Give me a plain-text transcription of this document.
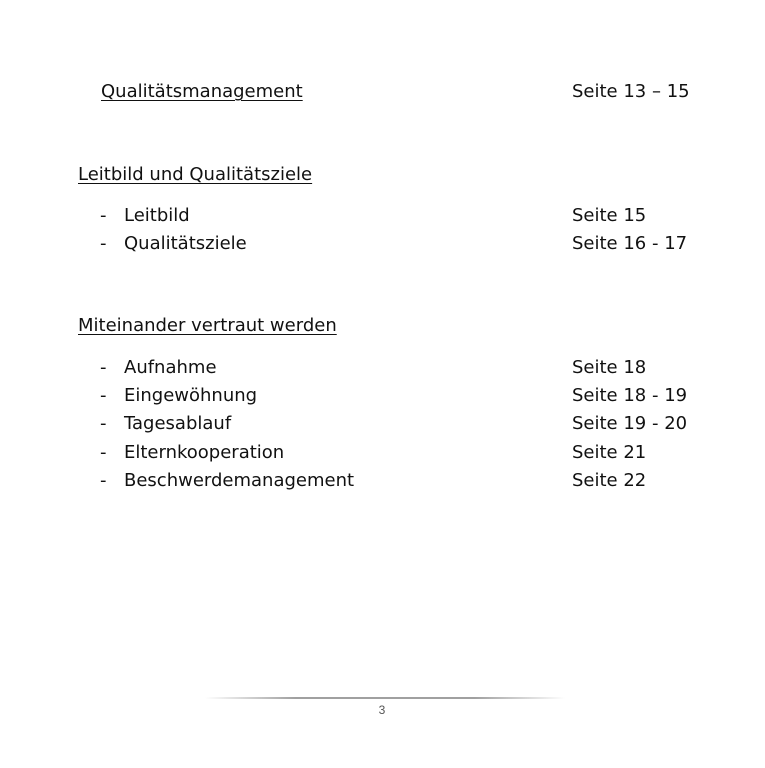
Qualitätsmanagement	Seite 13 – 15
Leitbild und Qualitätsziele
- Leitbild	Seite 15
- Qualitätsziele	Seite 16 - 17
Miteinander vertraut werden
- Aufnahme	Seite 18
- Eingewöhnung	Seite 18 - 19
- Tagesablauf	Seite 19 - 20
- Elternkooperation	Seite 21
- Beschwerdemanagement	Seite 22
3
